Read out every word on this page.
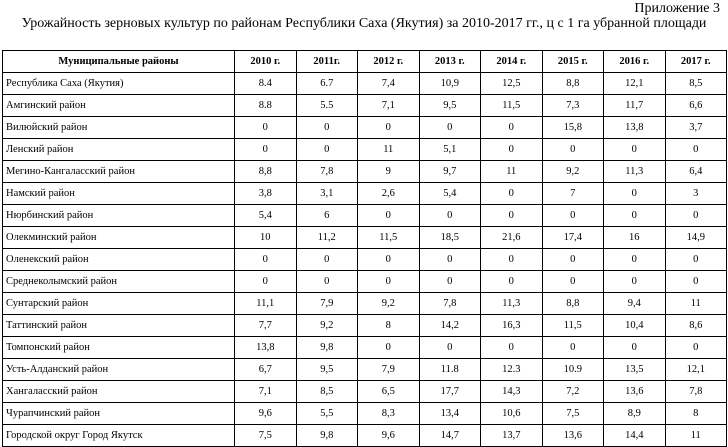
Приложение 3
Урожайность зерновых культур по районам Республики Саха (Якутия) за 2010-2017 гг., ц с 1 га убранной площади
Муниципальные районы	2010 г.	2011г.	2012 г.	2013 г.	2014 г.	2015 г.	2016 г.	2017 г.
Республика Саха (Якутия)	8.4	6.7	7,4	10,9	12,5	8,8	12,1	8,5
Амгинский район	8.8	5.5	7,1	9,5	11,5	7,3	11,7	6,6
Вилюйский район	0	0	0	0	0	15,8	13,8	3,7
Ленский район	0	0	11	5,1	0	0	0	0
Мегино-Кангаласский район	8,8	7,8	9	9,7	11	9,2	11,3	6,4
Намский район	3,8	3,1	2,6	5,4	0	7	0	3
Нюрбинский район	5,4	6	0	0	0	0	0	0
Олекминский район	10	11,2	11,5	18,5	21,6	17,4	16	14,9
Оленекский район	0	0	0	0	0	0	0	0
Среднеколымский район	0	0	0	0	0	0	0	0
Сунтарский район	11,1	7,9	9,2	7,8	11,3	8,8	9,4	11
Таттинский район	7,7	9,2	8	14,2	16,3	11,5	10,4	8,6
Томпонский район	13,8	9,8	0	0	0	0	0	0
Усть-Алданский район	6,7	9,5	7,9	11.8	12.3	10.9	13,5	12,1
Хангаласский район	7,1	8,5	6,5	17,7	14,3	7,2	13,6	7,8
Чурапчинский район	9,6	5,5	8,3	13,4	10,6	7,5	8,9	8
Городской округ Город Якутск	7,5	9,8	9,6	14,7	13,7	13,6	14,4	11
